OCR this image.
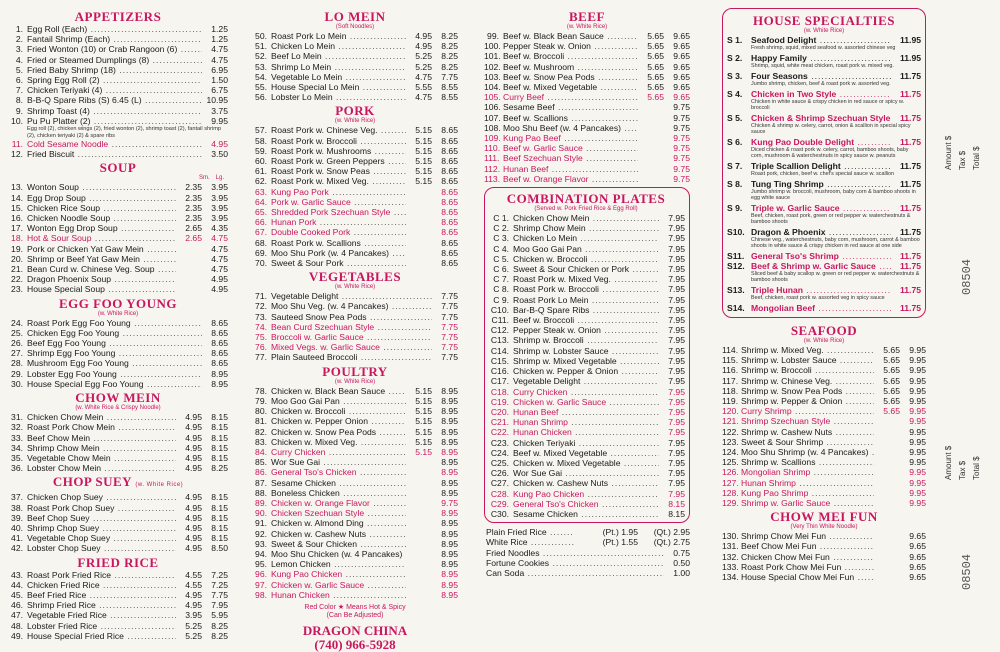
APPETIZERS
1. Egg Roll (Each) .....	1.25
2. Fantail Shrimp (Each) .....	1.25
3. Fried Wonton (10) or Crab Rangoon (6) .....	4.75
4. Fried or Steamed Dumplings (8) .....	4.75
5. Fried Baby Shrimp (18) .....	6.95
6. Spring Egg Roll (2) .....	1.50
7. Chicken Teriyaki (4) .....	6.75
8. B-B-Q Spare Ribs (S) 6.45 (L) .....	10.95
9. Shrimp Toast (4) .....	3.75
10. Pu Pu Platter (2) .....	9.95
Egg roll (2), chicken wings (2), fried wonton (2), shrimp toast (2), fantail shrimp (2), chicken teriyaki (2) & spare ribs
11. Cold Sesame Noodle .....	4.95
12. Fried Biscuit .....	3.50
SOUP
Sm. Lg.
13. Wonton Soup .....	2.35	3.95
14. Egg Drop Soup .....	2.35	3.95
15. Chicken Rice Soup .....	2.35	3.95
16. Chicken Noodle Soup .....	2.35	3.95
17. Wonton Egg Drop Soup .....	2.65	4.35
18. Hot & Sour Soup .....	2.65	4.75
19. Pork or Chicken Yat Gaw Mein .....	4.75
20. Shrimp or Beef Yat Gaw Mein .....	4.75
21. Bean Curd w. Chinese Veg. Soup .....	4.75
22. Dragon Phoenix Soup .....	4.95
23. House Special Soup .....	4.95
EGG FOO YOUNG
(w. White Rice)
24. Roast Pork Egg Foo Young .....	8.65
25. Chicken Egg Foo Young .....	8.65
26. Beef Egg Foo Young .....	8.65
27. Shrimp Egg Foo Young .....	8.65
28. Mushroom Egg Foo Young .....	8.65
29. Lobster Egg Foo Young .....	8.95
30. House Special Egg Foo Young .....	8.95
CHOW MEIN
(w. White Rice & Crispy Noodle)
31. Chicken Chow Mein .....	4.95	8.15
32. Roast Pork Chow Mein .....	4.95	8.15
33. Beef Chow Mein .....	4.95	8.15
34. Shrimp Chow Mein .....	4.95	8.15
35. Vegetable Chow Mein .....	4.95	8.15
36. Lobster Chow Mein .....	4.95	8.25
CHOP SUEY (w. White Rice)
37. Chicken Chop Suey .....	4.95	8.15
38. Roast Pork Chop Suey .....	4.95	8.15
39. Beef Chop Suey .....	4.95	8.15
40. Shrimp Chop Suey .....	4.95	8.15
41. Vegetable Chop Suey .....	4.95	8.15
42. Lobster Chop Suey .....	4.95	8.50
FRIED RICE
43. Roast Pork Fried Rice .....	4.55	7.25
44. Chicken Fried Rice .....	4.55	7.25
45. Beef Fried Rice .....	4.95	7.75
46. Shrimp Fried Rice .....	4.95	7.95
47. Vegetable Fried Rice .....	3.95	5.95
48. Lobster Fried Rice .....	5.25	8.25
49. House Special Fried Rice .....	5.25	8.25
LO MEIN
(Soft Noodles)
50. Roast Pork Lo Mein .....	4.95	8.25
51. Chicken Lo Mein .....	4.95	8.25
52. Beef Lo Mein .....	5.25	8.25
53. Shrimp Lo Mein .....	5.25	8.25
54. Vegetable Lo Mein .....	4.75	7.75
55. House Special Lo Mein .....	5.55	8.55
56. Lobster Lo Mein .....	4.75	8.55
PORK
(w. White Rice)
57. Roast Pork w. Chinese Veg. .....	5.15	8.65
58. Roast Pork w. Broccoli .....	5.15	8.65
59. Roast Pork w. Mushrooms .....	5.15	8.65
60. Roast Pork w. Green Peppers .....	5.15	8.65
61. Roast Pork w. Snow Peas .....	5.15	8.65
62. Roast Pork w. Mixed Veg. .....	5.15	8.65
63. Kung Pao Pork .....	8.65
64. Pork w. Garlic Sauce .....	8.65
65. Shredded Pork Szechuan Style .....	8.65
66. Hunan Pork .....	8.65
67. Double Cooked Pork .....	8.65
68. Roast Pork w. Scallions .....	8.65
69. Moo Shu Pork (w. 4 Pancakes) .....	8.65
70. Sweet & Sour Pork .....	8.65
VEGETABLES
(w. White Rice)
71. Vegetable Delight .....	7.75
72. Moo Shu Veg. (w. 4 Pancakes) .....	7.75
73. Sauteed Snow Pea Pods .....	7.75
74. Bean Curd Szechuan Style .....	7.75
75. Broccoli w. Garlic Sauce .....	7.75
76. Mixed Vegs. w. Garlic Sauce .....	7.75
77. Plain Sauteed Broccoli .....	7.75
POULTRY
(w. White Rice)
78. Chicken w. Black Bean Sauce .....	5.15	8.95
79. Moo Goo Gai Pan .....	5.15	8.95
80. Chicken w. Broccoli .....	5.15	8.95
81. Chicken w. Pepper Onion .....	5.15	8.95
82. Chicken w. Snow Pea Pods .....	5.15	8.95
83. Chicken w. Mixed Veg. .....	5.15	8.95
84. Curry Chicken .....	5.15	8.95
85. Wor Sue Gai .....	8.95
86. General Tso's Chicken .....	8.95
87. Sesame Chicken .....	8.95
88. Boneless Chicken .....	8.95
89. Chicken w. Orange Flavor .....	9.75
90. Chicken Szechuan Style .....	8.95
91. Chicken w. Almond Ding .....	8.95
92. Chicken w. Cashew Nuts .....	8.95
93. Sweet & Sour Chicken .....	8.95
94. Moo Shu Chicken (w. 4 Pancakes) .....	8.95
95. Lemon Chicken .....	8.95
96. Kung Pao Chicken .....	8.95
97. Chicken w. Garlic Sauce .....	8.95
98. Hunan Chicken .....	8.95
Red Color ★ Means Hot & Spicy
(Can Be Adjusted)
DRAGON CHINA
(740) 966-5928
BEEF
(w. White Rice)
99. Beef w. Black Bean Sauce .....	5.65	9.65
100. Pepper Steak w. Onion .....	5.65	9.65
101. Beef w. Broccoli .....	5.65	9.65
102. Beef w. Mushroom .....	5.65	9.65
103. Beef w. Snow Pea Pods .....	5.65	9.65
104. Beef w. Mixed Vegetable .....	5.65	9.65
105. Curry Beef .....	5.65	9.65
106. Sesame Beef .....	9.75
107. Beef w. Scallions .....	9.75
108. Moo Shu Beef (w. 4 Pancakes) .....	9.75
109. Kung Pao Beef .....	9.75
110. Beef w. Garlic Sauce .....	9.75
111. Beef Szechuan Style .....	9.75
112. Hunan Beef .....	9.75
113. Beef w. Orange Flavor .....	9.75
COMBINATION PLATES
(Served w. Pork Fried Rice & Egg Roll)
C 1. Chicken Chow Mein .....	7.95
C 2. Shrimp Chow Mein .....	7.95
C 3. Chicken Lo Mein .....	7.95
C 4. Moo Goo Gai Pan .....	7.95
C 5. Chicken w. Broccoli .....	7.95
C 6. Sweet & Sour Chicken or Pork .....	7.95
C 7. Roast Pork w. Mixed Veg. .....	7.95
C 8. Roast Pork w. Broccoli .....	7.95
C 9. Roast Pork Lo Mein .....	7.95
C10. Bar-B-Q Spare Ribs .....	7.95
C11. Beef w. Broccoli .....	7.95
C12. Pepper Steak w. Onion .....	7.95
C13. Shrimp w. Broccoli .....	7.95
C14. Shrimp w. Lobster Sauce .....	7.95
C15. Shrimp w. Mixed Vegetable .....	7.95
C16. Chicken w. Pepper & Onion .....	7.95
C17. Vegetable Delight .....	7.95
C18. Curry Chicken .....	7.95
C19. Chicken w. Garlic Sauce .....	7.95
C20. Hunan Beef .....	7.95
C21. Hunan Shrimp .....	7.95
C22. Hunan Chicken .....	7.95
C23. Chicken Teriyaki .....	7.95
C24. Beef w. Mixed Vegetable .....	7.95
C25. Chicken w. Mixed Vegetable .....	7.95
C26. Wor Sue Gai .....	7.95
C27. Chicken w. Cashew Nuts .....	7.95
C28. Kung Pao Chicken .....	7.95
C29. General Tso's Chicken .....	8.15
C30. Sesame Chicken .....	8.15
Plain Fried Rice .....	(Pt.) 1.95	(Qt.) 2.95
White Rice .....	(Pt.) 1.55	(Qt.) 2.75
Fried Noodles .....	0.75
Fortune Cookies .....	0.50
Can Soda .....	1.00
HOUSE SPECIALTIES
(w. White Rice)
S 1.	Seafood Delight .....	11.95
Fresh shrimp, squid, mixed seafood w. assorted chinese veg
S 2.	Happy Family .....	11.95
Shrimp, squid, white meat chicken, roast pork w. mixed veg.
S 3.	Four Seasons .....	11.75
Jumbo shrimp, chicken, beef & roast pork w. assorted veg.
S 4.	Chicken in Two Style .....	11.75
Chicken in white sauce & crispy chicken in red sauce or spicy w. broccoli
S 5.	Chicken & Shrimp Szechuan Style .....	11.75
Chicken & shrimp w. celery, carrot, onion & scallion in special spicy sauce
S 6.	Kung Pao Double Delight .....	11.75
Diced chicken & roast pork w. celery, carrot, bamboo shoots, baby corn, mushroom & waterchestnuts in spicy sauce w. peanuts
S 7.	Triple Scallion Delight .....	11.75
Roast pork, chicken, beef w. chef's special sauce w. scallion
S 8.	Tung Ting Shrimp .....	11.75
Jumbo shrimp w. broccoli, mushroom, baby corn & bamboo shoots in egg white sauce
S 9.	Triple w. Garlic Sauce .....	11.75
Beef, chicken, roast pork, green or red pepper w. waterchestnuts & bamboo shoots
S10. Dragon & Phoenix .....	11.75
Chinese veg., waterchestnuts, baby corn, mushroom, carrot & bamboo shoots in white sauce & crispy chicken in red sauce at one side
S11. General Tso's Shrimp .....	11.75
S12. Beef & Shrimp w. Garlic Sauce .....	11.75
Sliced beef & baby scallop w. green or red pepper w. waterchestnuts & bamboo shoots
S13. Triple Hunan .....	11.75
Beef, chicken, roast pork w. assorted veg in spicy sauce
S14. Mongolian Beef .....	11.75
SEAFOOD
(w. White Rice)
114. Shrimp w. Mixed Veg. .....	5.65	9.95
115. Shrimp w. Lobster Sauce .....	5.65	9.95
116. Shrimp w. Broccoli .....	5.65	9.95
117. Shrimp w. Chinese Veg. .....	5.65	9.95
118. Shrimp w. Snow Pea Pods .....	5.65	9.95
119. Shrimp w. Pepper & Onion .....	5.65	9.95
120. Curry Shrimp .....	5.65	9.95
121. Shrimp Szechuan Style .....	9.95
122. Shrimp w. Cashew Nuts .....	9.95
123. Sweet & Sour Shrimp .....	9.95
124. Moo Shu Shrimp (w. 4 Pancakes) .....	9.95
125. Shrimp w. Scallions .....	9.95
126. Mongolian Shrimp .....	9.95
127. Hunan Shrimp .....	9.95
128. Kung Pao Shrimp .....	9.95
129. Shrimp w. Garlic Sauce .....	9.95
CHOW MEI FUN
(Very Thin White Noodle)
130. Shrimp Chow Mei Fun .....	9.65
131. Beef Chow Mei Fun .....	9.65
132. Chicken Chow Mei Fun .....	9.65
133. Roast Pork Chow Mei Fun .....	9.65
134. House Special Chow Mei Fun .....	9.65
Amount $ Tax $ Total $
08504
Amount $ Tax $ Total $
08504
